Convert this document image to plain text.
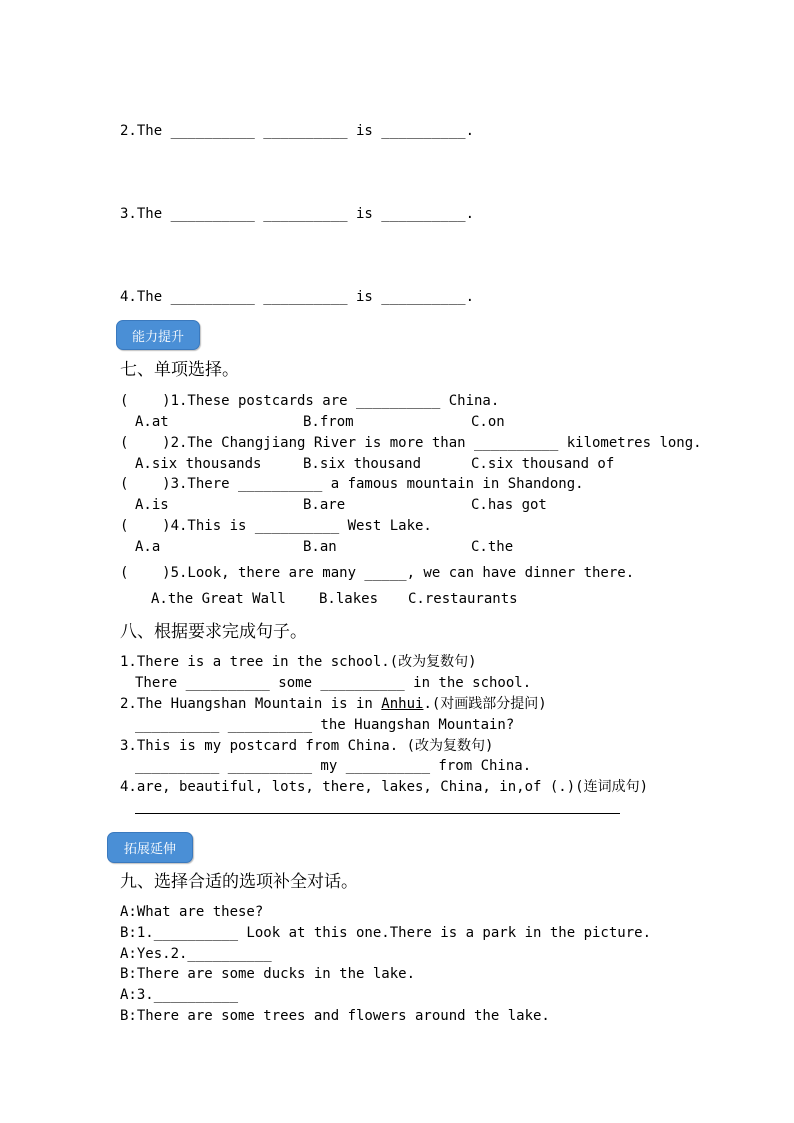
2.The __________ __________ is __________.
3.The __________ __________ is __________.
4.The __________ __________ is __________.
能力提升
七、单项选择。
(    )1.These postcards are __________ China.
A.at	B.from	C.on
(    )2.The Changjiang River is more than __________ kilometres long.
A.six thousands	B.six thousand	C.six thousand of
(    )3.There __________ a famous mountain in Shandong.
A.is	B.are	C.has got
(    )4.This is __________ West Lake.
A.a	B.an	C.the
(    )5.Look, there are many _____, we can have dinner there.
A.the Great Wall B.lakes C.restaurants
八、根据要求完成句子。
1.There is a tree in the school.(改为复数句)
There __________ some __________ in the school.
2.The Huangshan Mountain is in Anhui.(对画践部分提问)
__________ __________ the Huangshan Mountain?
3.This is my postcard from China. (改为复数句)
__________ __________ my __________ from China.
4.are, beautiful, lots, there, lakes, China, in,of (.)(连词成句)
拓展延伸
九、选择合适的选项补全对话。
A:What are these?
B:1.__________ Look at this one.There is a park in the picture.
A:Yes.2.__________
B:There are some ducks in the lake.
A:3.__________
B:There are some trees and flowers around the lake.
